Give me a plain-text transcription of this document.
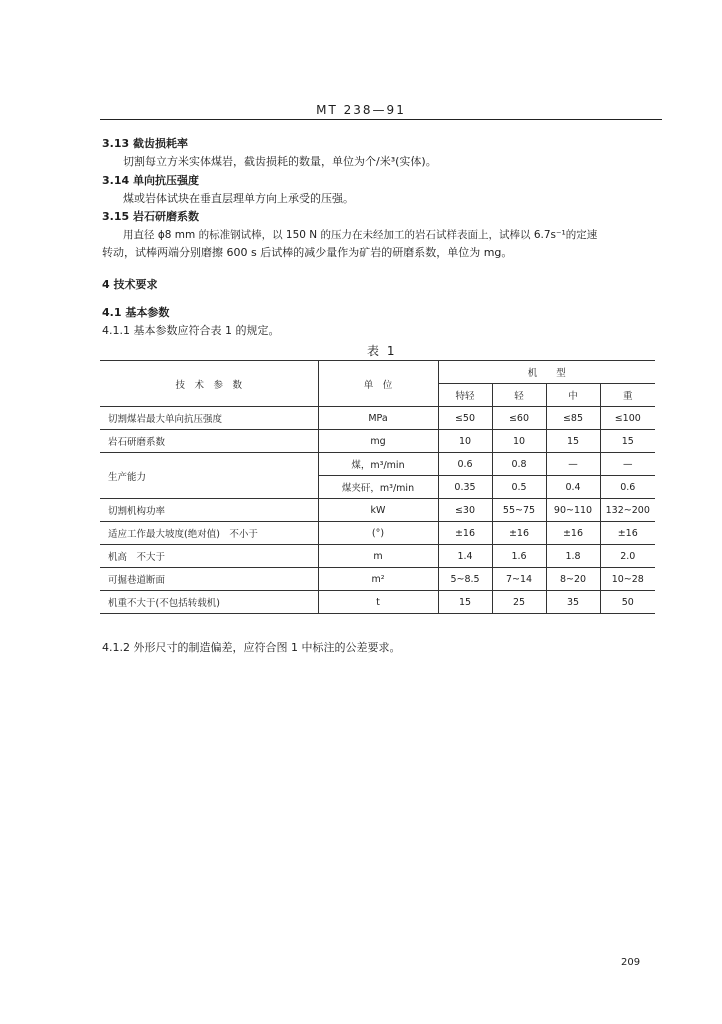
MT 238—91
3.13 截齿损耗率
切割每立方米实体煤岩，截齿损耗的数量，单位为个/米³(实体)。
3.14 单向抗压强度
煤或岩体试块在垂直层理单方向上承受的压强。
3.15 岩石研磨系数
用直径 ϕ8 mm 的标准钢试棒，以 150 N 的压力在未经加工的岩石试样表面上，试棒以 6.7s⁻¹的定速
转动，试棒两端分别磨擦 600 s 后试棒的减少量作为矿岩的研磨系数，单位为 mg。
4 技术要求
4.1 基本参数
4.1.1 基本参数应符合表 1 的规定。
表 1
技　术　参　数	单　位	机　　型			
		特轻	轻	中	重
切割煤岩最大单向抗压强度	MPa	≤50	≤60	≤85	≤100
岩石研磨系数	mg	10	10	15	15
生产能力	煤，m³/min	0.6	0.8	—	—
	煤夹矸，m³/min	0.35	0.5	0.4	0.6
切割机构功率	kW	≤30	55~75	90~110	132~200
适应工作最大坡度(绝对值)　不小于	(°)	±16	±16	±16	±16
机高　不大于	m	1.4	1.6	1.8	2.0
可掘巷道断面	m²	5~8.5	7~14	8~20	10~28
机重不大于(不包括转载机)	t	15	25	35	50
4.1.2 外形尺寸的制造偏差，应符合图 1 中标注的公差要求。
209
